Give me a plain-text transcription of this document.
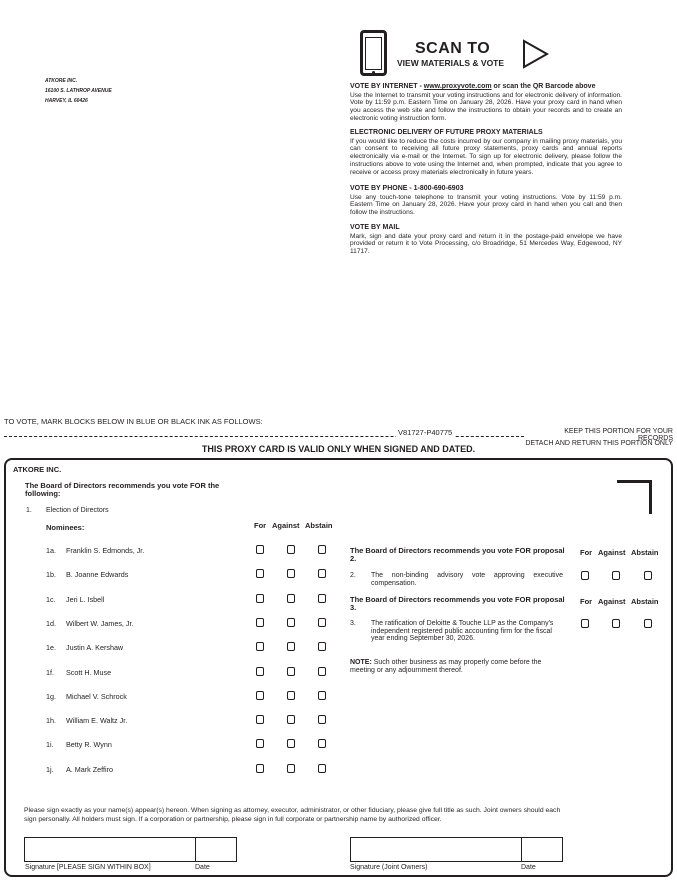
ATKORE INC.
16100 S. LATHROP AVENUE
HARVEY, IL 60426
SCAN TO
VIEW MATERIALS & VOTE
VOTE BY INTERNET - www.proxyvote.com or scan the QR Barcode above
Use the Internet to transmit your voting instructions and for electronic delivery of information. Vote by 11:59 p.m. Eastern Time on January 28, 2026. Have your proxy card in hand when you access the web site and follow the instructions to obtain your records and to create an electronic voting instruction form.
ELECTRONIC DELIVERY OF FUTURE PROXY MATERIALS
If you would like to reduce the costs incurred by our company in mailing proxy materials, you can consent to receiving all future proxy statements, proxy cards and annual reports electronically via e-mail or the Internet. To sign up for electronic delivery, please follow the instructions above to vote using the Internet and, when prompted, indicate that you agree to receive or access proxy materials electronically in future years.
VOTE BY PHONE - 1-800-690-6903
Use any touch-tone telephone to transmit your voting instructions. Vote by 11:59 p.m. Eastern Time on January 28, 2026. Have your proxy card in hand when you call and then follow the instructions.
VOTE BY MAIL
Mark, sign and date your proxy card and return it in the postage-paid envelope we have provided or return it to Vote Processing, c/o Broadridge, 51 Mercedes Way, Edgewood, NY 11717.
TO VOTE, MARK BLOCKS BELOW IN BLUE OR BLACK INK AS FOLLOWS:
V81727-P40775	KEEP THIS PORTION FOR YOUR RECORDS
DETACH AND RETURN THIS PORTION ONLY
THIS PROXY CARD IS VALID ONLY WHEN SIGNED AND DATED.
ATKORE INC.
The Board of Directors recommends you vote FOR the following:
1. Election of Directors
Nominees:	For Against Abstain
1a. Franklin S. Edmonds, Jr.
1b. B. Joanne Edwards
1c. Jeri L. Isbell
1d. Wilbert W. James, Jr.
1e. Justin A. Kershaw
1f. Scott H. Muse
1g. Michael V. Schrock
1h. William E. Waltz Jr.
1i. Betty R. Wynn
1j. A. Mark Zeffiro
The Board of Directors recommends you vote FOR proposal 2.
For Against Abstain
2. The non-binding advisory vote approving executive compensation.
The Board of Directors recommends you vote FOR proposal 3.
For Against Abstain
3. The ratification of Deloitte & Touche LLP as the Company's independent registered public accounting firm for the fiscal year ending September 30, 2026.
NOTE: Such other business as may properly come before the meeting or any adjournment thereof.
Please sign exactly as your name(s) appear(s) hereon. When signing as attorney, executor, administrator, or other fiduciary, please give full title as such. Joint owners should each sign personally. All holders must sign. If a corporation or partnership, please sign in full corporate or partnership name by authorized officer.
Signature [PLEASE SIGN WITHIN BOX]	Date	Signature (Joint Owners)	Date
